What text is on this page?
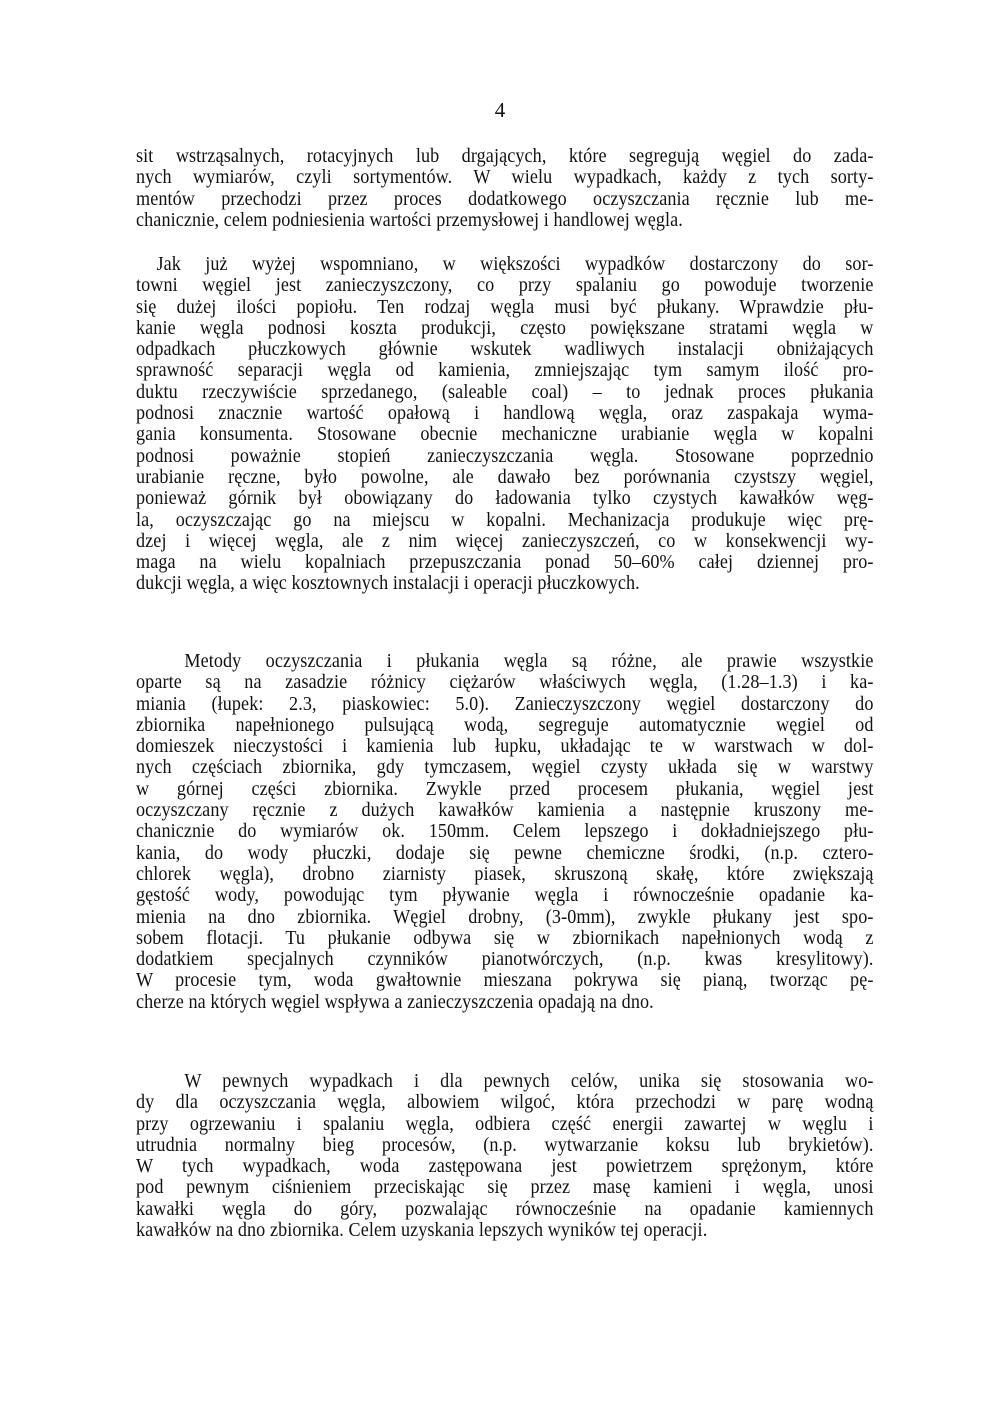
4
sit wstrząsalnych, rotacyjnych lub drgających, które segregują węgiel do zada-
nych wymiarów, czyli sortymentów. W wielu wypadkach, każdy z tych sorty-
mentów przechodzi przez proces dodatkowego oczyszczania ręcznie lub me-
chanicznie, celem podniesienia wartości przemysłowej i handlowej węgla.
Jak już wyżej wspomniano, w większości wypadków dostarczony do sor-
towni węgiel jest zanieczyszczony, co przy spalaniu go powoduje tworzenie
się dużej ilości popiołu. Ten rodzaj węgla musi być płukany. Wprawdzie płu-
kanie węgla podnosi koszta produkcji, często powiększane stratami węgla w
odpadkach płuczkowych głównie wskutek wadliwych instalacji obniżających
sprawność separacji węgla od kamienia, zmniejszając tym samym ilość pro-
duktu rzeczywiście sprzedanego, (saleable coal) – to jednak proces płukania
podnosi znacznie wartość opałową i handlową węgla, oraz zaspakaja wyma-
gania konsumenta. Stosowane obecnie mechaniczne urabianie węgla w kopalni
podnosi poważnie stopień zanieczyszczania węgla. Stosowane poprzednio
urabianie ręczne, było powolne, ale dawało bez porównania czystszy węgiel,
ponieważ górnik był obowiązany do ładowania tylko czystych kawałków węg-
la, oczyszczając go na miejscu w kopalni. Mechanizacja produkuje więc prę-
dzej i więcej węgla, ale z nim więcej zanieczyszczeń, co w konsekwencji wy-
maga na wielu kopalniach przepuszczania ponad 50–60% całej dziennej pro-
dukcji węgla, a więc kosztownych instalacji i operacji płuczkowych.
Metody oczyszczania i płukania węgla są różne, ale prawie wszystkie
oparte są na zasadzie różnicy ciężarów właściwych węgla, (1.28–1.3) i ka-
miania (łupek: 2.3, piaskowiec: 5.0). Zanieczyszczony węgiel dostarczony do
zbiornika napełnionego pulsującą wodą, segreguje automatycznie węgiel od
domieszek nieczystości i kamienia lub łupku, układając te w warstwach w dol-
nych częściach zbiornika, gdy tymczasem, węgiel czysty układa się w warstwy
w górnej części zbiornika. Zwykle przed procesem płukania, węgiel jest
oczyszczany ręcznie z dużych kawałków kamienia a następnie kruszony me-
chanicznie do wymiarów ok. 150mm. Celem lepszego i dokładniejszego płu-
kania, do wody płuczki, dodaje się pewne chemiczne środki, (n.p. cztero-
chlorek węgla), drobno ziarnisty piasek, skruszoną skałę, które zwiększają
gęstość wody, powodując tym pływanie węgla i równocześnie opadanie ka-
mienia na dno zbiornika. Węgiel drobny, (3-0mm), zwykle płukany jest spo-
sobem flotacji. Tu płukanie odbywa się w zbiornikach napełnionych wodą z
dodatkiem specjalnych czynników pianotwórczych, (n.p. kwas kresylitowy).
W procesie tym, woda gwałtownie mieszana pokrywa się pianą, tworząc pę-
cherze na których węgiel wspływa a zanieczyszczenia opadają na dno.
W pewnych wypadkach i dla pewnych celów, unika się stosowania wo-
dy dla oczyszczania węgla, albowiem wilgoć, która przechodzi w parę wodną
przy ogrzewaniu i spalaniu węgla, odbiera część energii zawartej w węglu i
utrudnia normalny bieg procesów, (n.p. wytwarzanie koksu lub brykietów).
W tych wypadkach, woda zastępowana jest powietrzem sprężonym, które
pod pewnym ciśnieniem przeciskając się przez masę kamieni i węgla, unosi
kawałki węgla do góry, pozwalając równocześnie na opadanie kamiennych
kawałków na dno zbiornika. Celem uzyskania lepszych wyników tej operacji.
